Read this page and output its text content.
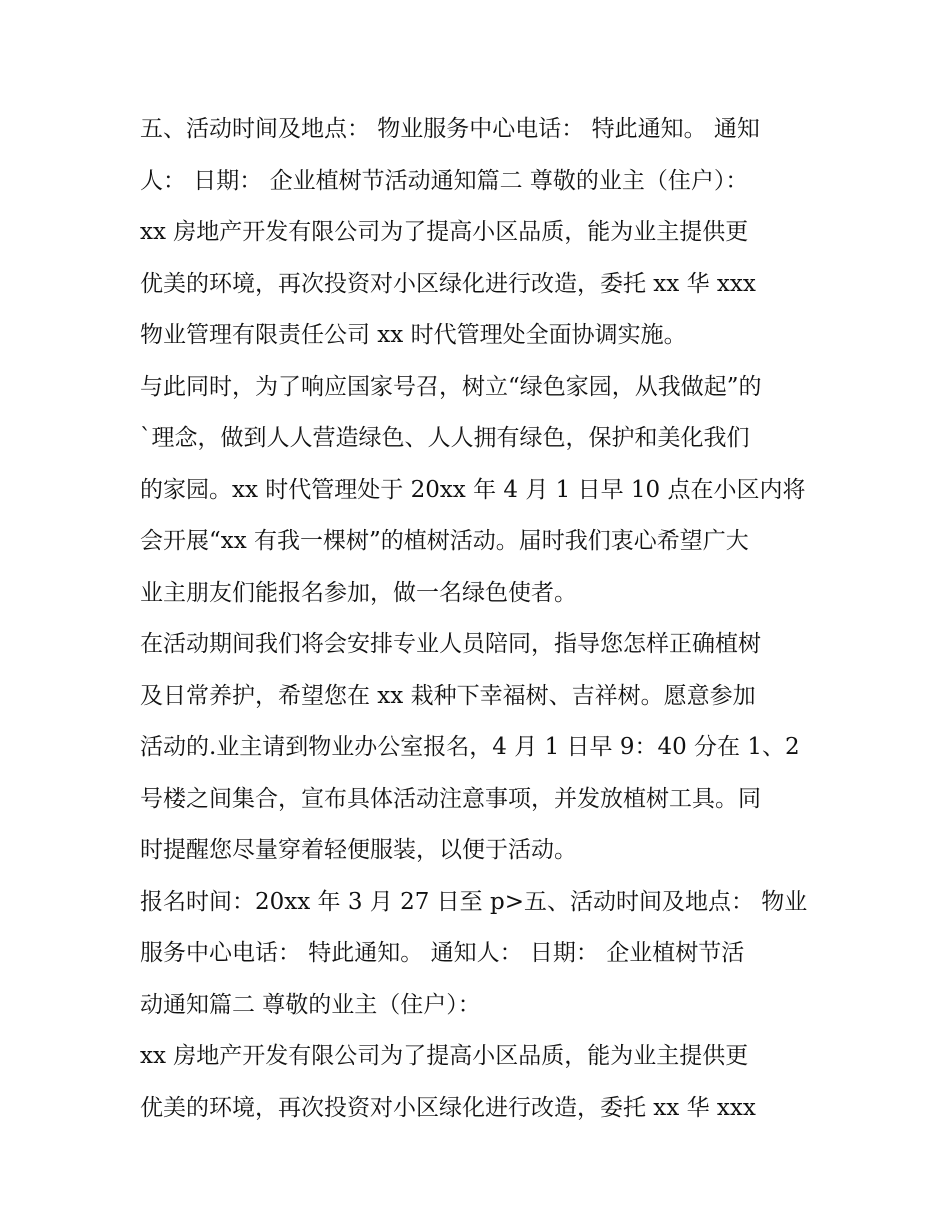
五、活动时间及地点： 物业服务中心电话： 特此通知。 通知
人： 日期： 企业植树节活动通知篇二 尊敬的业主（住户）：
xx 房地产开发有限公司为了提高小区品质，能为业主提供更
优美的环境，再次投资对小区绿化进行改造，委托 xx 华 xxx
物业管理有限责任公司 xx 时代管理处全面协调实施。
与此同时，为了响应国家号召，树立“绿色家园，从我做起”的
`理念，做到人人营造绿色、人人拥有绿色，保护和美化我们
的家园。xx 时代管理处于 20xx 年 4 月 1 日早 10 点在小区内将
会开展“xx 有我一棵树”的植树活动。届时我们衷心希望广大
业主朋友们能报名参加，做一名绿色使者。
在活动期间我们将会安排专业人员陪同，指导您怎样正确植树
及日常养护，希望您在 xx 栽种下幸福树、吉祥树。愿意参加
活动的.业主请到物业办公室报名，4 月 1 日早 9：40 分在 1、2
号楼之间集合，宣布具体活动注意事项，并发放植树工具。同
时提醒您尽量穿着轻便服装，以便于活动。
报名时间：20xx 年 3 月 27 日至 p>五、活动时间及地点： 物业
服务中心电话： 特此通知。 通知人： 日期： 企业植树节活
动通知篇二 尊敬的业主（住户）：
xx 房地产开发有限公司为了提高小区品质，能为业主提供更
优美的环境，再次投资对小区绿化进行改造，委托 xx 华 xxx
